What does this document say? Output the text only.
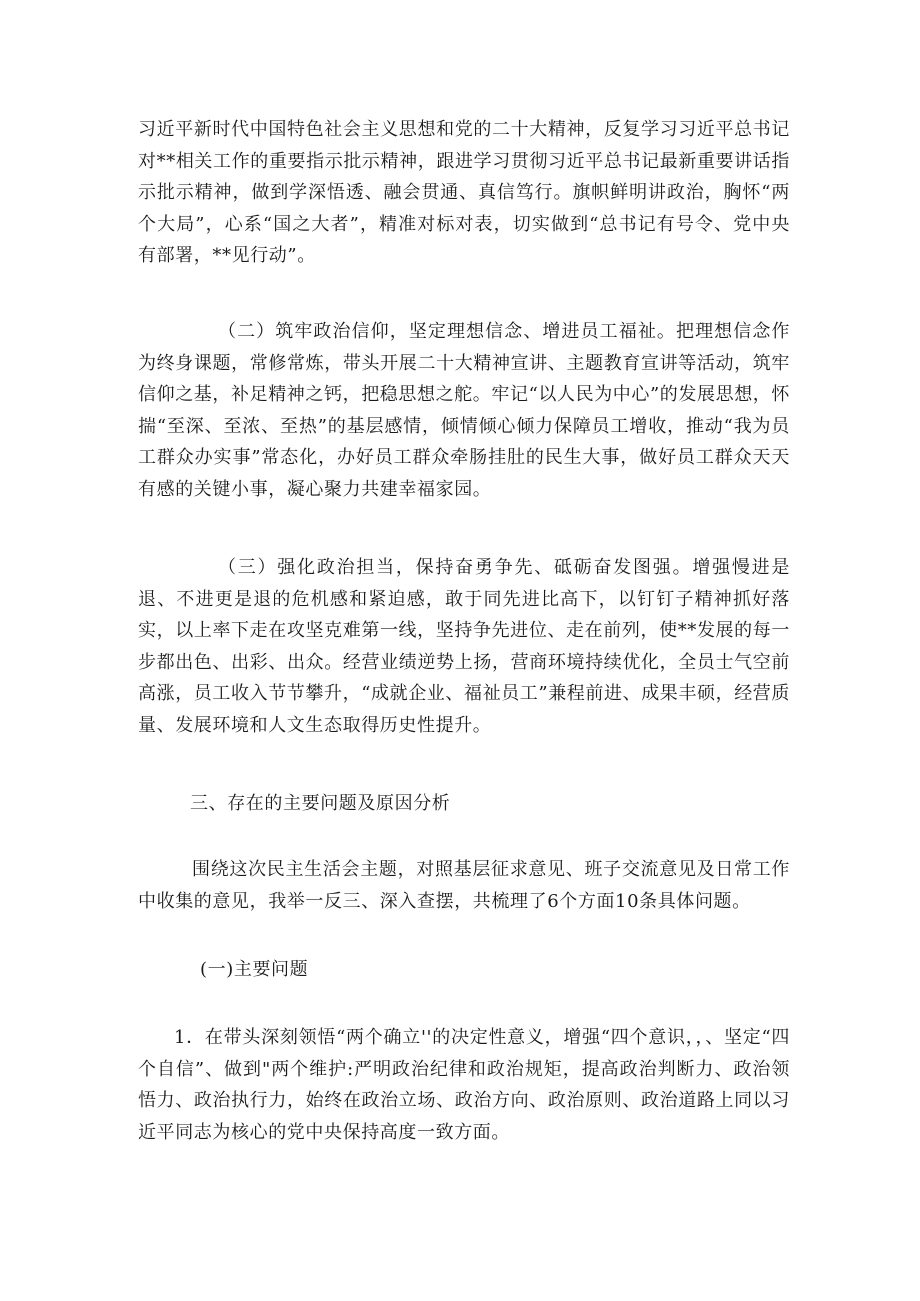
习近平新时代中国特色社会主义思想和党的二十大精神，反复学习习近平总书记对**相关工作的重要指示批示精神，跟进学习贯彻习近平总书记最新重要讲话指示批示精神，做到学深悟透、融会贯通、真信笃行。旗帜鲜明讲政治，胸怀“两个大局”，心系“国之大者”，精准对标对表，切实做到“总书记有号令、党中央有部署，**见行动”。

（二）筑牢政治信仰，坚定理想信念、增进员工福祉。把理想信念作为终身课题，常修常炼，带头开展二十大精神宣讲、主题教育宣讲等活动，筑牢信仰之基，补足精神之钙，把稳思想之舵。牢记“以人民为中心”的发展思想，怀揣“至深、至浓、至热”的基层感情，倾情倾心倾力保障员工增收，推动“我为员工群众办实事”常态化，办好员工群众牵肠挂肚的民生大事，做好员工群众天天有感的关键小事，凝心聚力共建幸福家园。

（三）强化政治担当，保持奋勇争先、砥砺奋发图强。增强慢进是退、不进更是退的危机感和紧迫感，敢于同先进比高下，以钉钉子精神抓好落实，以上率下走在攻坚克难第一线，坚持争先进位、走在前列，使**发展的每一步都出色、出彩、出众。经营业绩逆势上扬，营商环境持续优化，全员士气空前高涨，员工收入节节攀升，“成就企业、福祉员工”兼程前进、成果丰硕，经营质量、发展环境和人文生态取得历史性提升。

三、存在的主要问题及原因分析

围绕这次民主生活会主题，对照基层征求意见、班子交流意见及日常工作中收集的意见，我举一反三、深入查摆，共梳理了6个方面10条具体问题。

(一)主要问题

1．在带头深刻领悟“两个确立''的决定性意义，增强“四个意识，，、坚定“四个自信”、做到"两个维护:严明政治纪律和政治规矩，提高政治判断力、政治领悟力、政治执行力，始终在政治立场、政治方向、政治原则、政治道路上同以习近平同志为核心的党中央保持高度一致方面。
